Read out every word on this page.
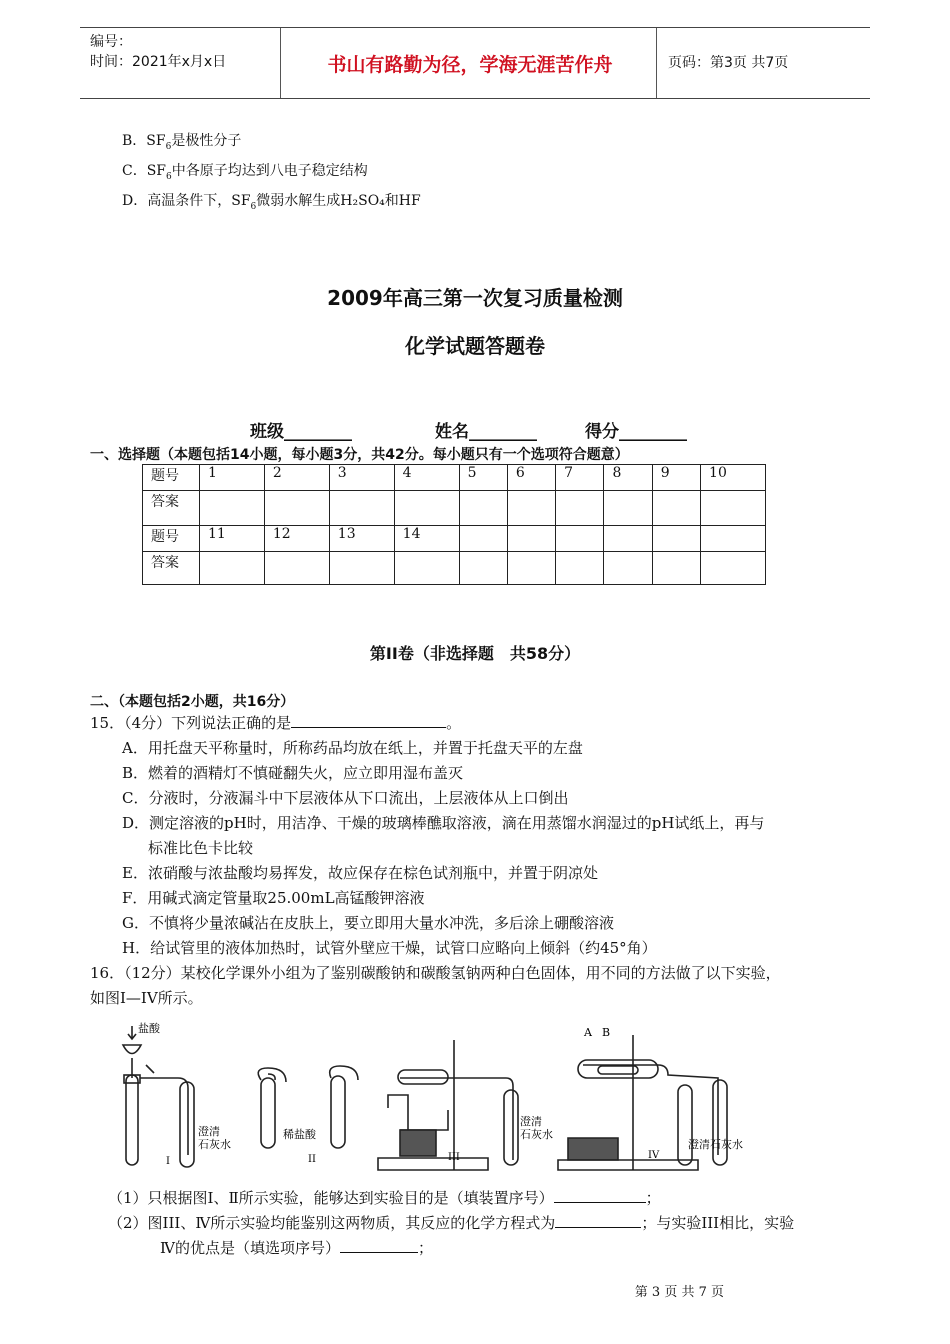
编号：
时间：2021年x月x日	书山有路勤为径，学海无涯苦作舟	页码：第3页 共7页
B．$SF_6$是极性分子
C．$SF_6$中各原子均达到八电子稳定结构
D．高温条件下，$SF_6$微弱水解生成H₂SO₄和HF
2009年高三第一次复习质量检测
化学试题答题卷
班级________	姓名________	得分________
一、选择题（本题包括14小题，每小题3分，共42分。每小题只有一个选项符合题意）
题号	1	2	3	4	5	6	7	8	9	10
答案										
题号	11	12	13	14						
答案										
第II卷（非选择题　共58分）
二、（本题包括2小题，共16分）
15．（4分）下列说法正确的是	。
A．用托盘天平称量时，所称药品均放在纸上，并置于托盘天平的左盘
B．燃着的酒精灯不慎碰翻失火，应立即用湿布盖灭
C．分液时，分液漏斗中下层液体从下口流出，上层液体从上口倒出
D．测定溶液的pH时，用洁净、干燥的玻璃棒醮取溶液，滴在用蒸馏水润湿过的pH试纸上，再与
标准比色卡比较
E．浓硝酸与浓盐酸均易挥发，故应保存在棕色试剂瓶中，并置于阴凉处
F．用碱式滴定管量取25.00mL高锰酸钾溶液
G．不慎将少量浓碱沾在皮肤上，要立即用大量水冲洗，多后涂上硼酸溶液
H．给试管里的液体加热时，试管外壁应干燥，试管口应略向上倾斜（约45°角）
16．（12分）某校化学课外小组为了鉴别碳酸钠和碳酸氢钠两种白色固体，用不同的方法做了以下实验，
如图I—IV所示。
盐酸
澄清
石灰水
稀盐酸
澄清
石灰水
A B
澄清石灰水
I	II	III	IV
（1）只根据图Ⅰ、Ⅱ所示实验，能够达到实验目的是（填装置序号）	；
（2）图III、Ⅳ所示实验均能鉴别这两物质，其反应的化学方程式为	；与实验III相比，实验
Ⅳ的优点是（填选项序号）	；
第 3 页 共 7 页
